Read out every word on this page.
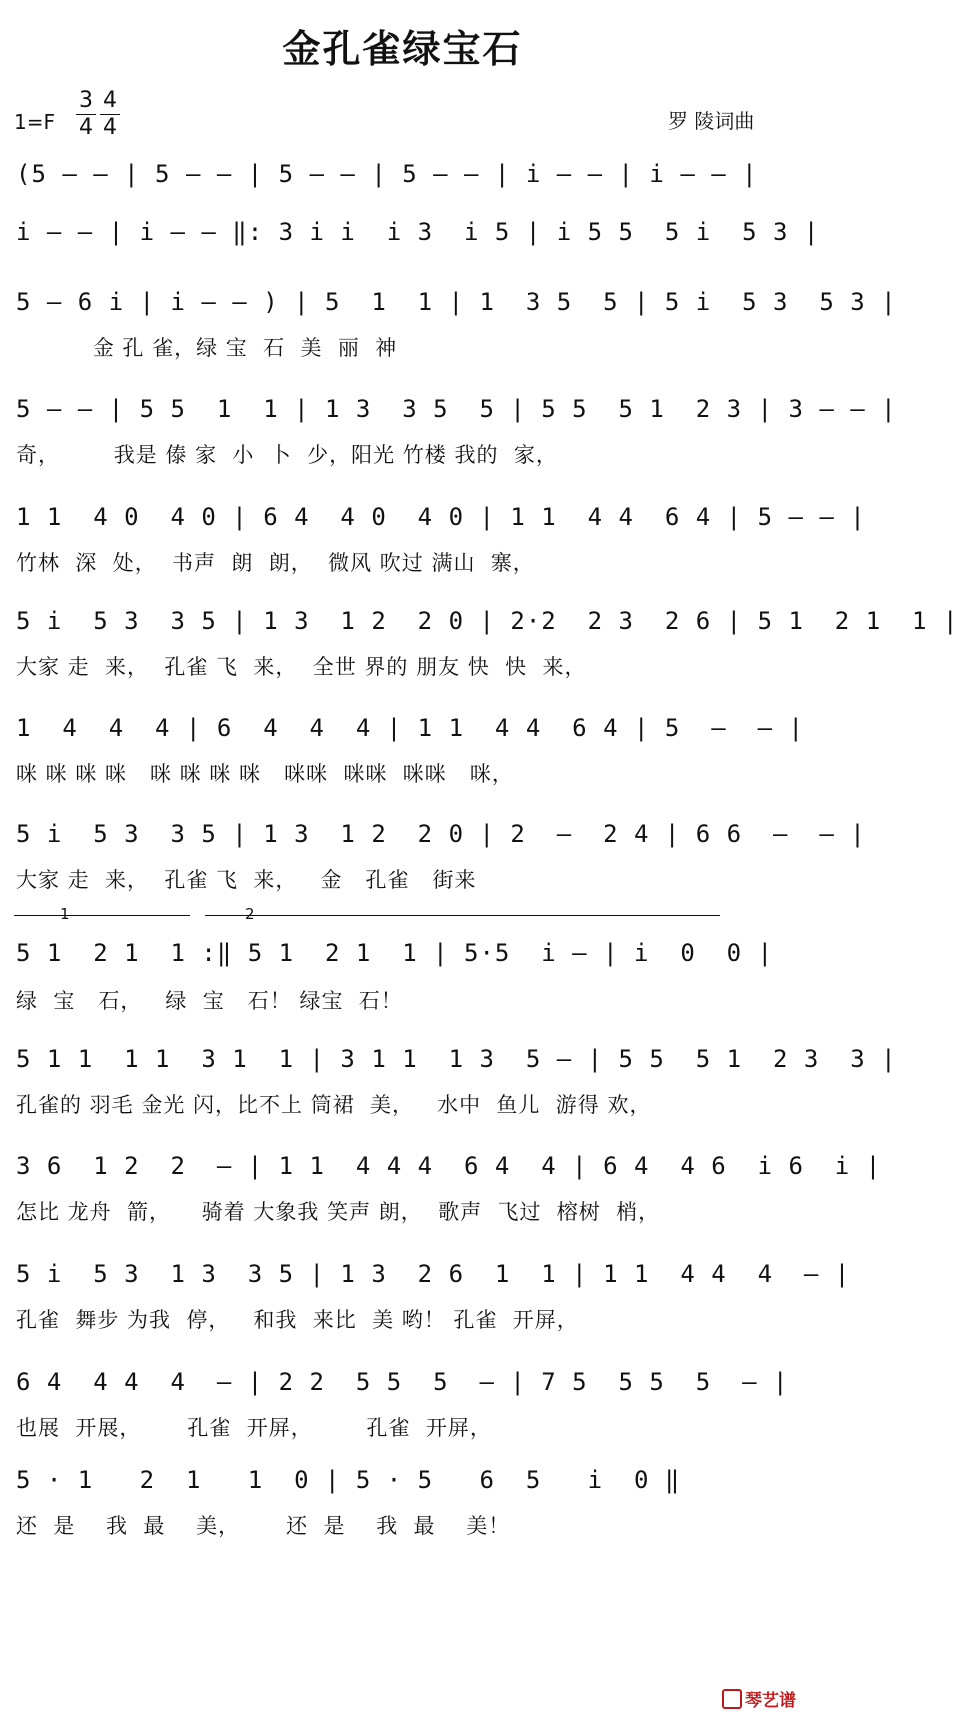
金孔雀绿宝石
1=F
3
4
4
4	罗 陵词曲
(5 — — | 5 — — | 5 — — | 5 — — | i — — | i — — |
i — — | i — — ‖: 3 i i  i 3  i 5 | i 5 5  5 i  5 3 |
5 — 6 i | i — — ) | 5  1  1 | 1  3 5  5 | 5 i  5 3  5 3 |
金 孔 雀，绿 宝  石  美  丽  神
5 — — | 5 5  1  1 | 1 3  3 5  5 | 5 5  5 1  2 3 | 3 — — |
奇，       我是 傣 家  小  卜  少，阳光 竹楼 我的  家，
1 1  4 0  4 0 | 6 4  4 0  4 0 | 1 1  4 4  6 4 | 5 — — |
竹林  深  处，  书声  朗  朗，  微风 吹过 满山  寨，
5 i  5 3  3 5 | 1 3  1 2  2 0 | 2·2  2 3  2 6 | 5 1  2 1  1 |
大家 走  来，  孔雀 飞  来，  全世 界的 朋友 快  快  来，
1  4  4  4 | 6  4  4  4 | 1 1  4 4  6 4 | 5  —  — |
咪 咪 咪 咪   咪 咪 咪 咪   咪咪  咪咪  咪咪   咪，
5 i  5 3  3 5 | 1 3  1 2  2 0 | 2  —  2 4 | 6 6  —  — |
大家 走  来，  孔雀 飞  来，   金   孔雀   街来
1	2
5 1  2 1  1 :‖ 5 1  2 1  1 | 5·5  i — | i  0  0 |
绿  宝   石，   绿  宝   石！ 绿宝  石！
5 1 1  1 1  3 1  1 | 3 1 1  1 3  5 — | 5 5  5 1  2 3  3 |
孔雀的 羽毛 金光 闪，比不上 筒裙  美，   水中  鱼儿  游得 欢，
3 6  1 2  2  — | 1 1  4 4 4  6 4  4 | 6 4  4 6  i 6  i |
怎比 龙舟  箭，    骑着 大象我 笑声 朗，  歌声  飞过  榕树  梢，
5 i  5 3  1 3  3 5 | 1 3  2 6  1  1 | 1 1  4 4  4  — |
孔雀  舞步 为我  停，   和我  来比  美 哟！ 孔雀  开屏，
6 4  4 4  4  — | 2 2  5 5  5  — | 7 5  5 5  5  — |
也展  开展，      孔雀  开屏，       孔雀  开屏，
5 · 1   2  1   1  0 | 5 · 5   6  5   i  0 ‖
还  是    我  最    美，      还  是    我  最    美！
琴艺谱
